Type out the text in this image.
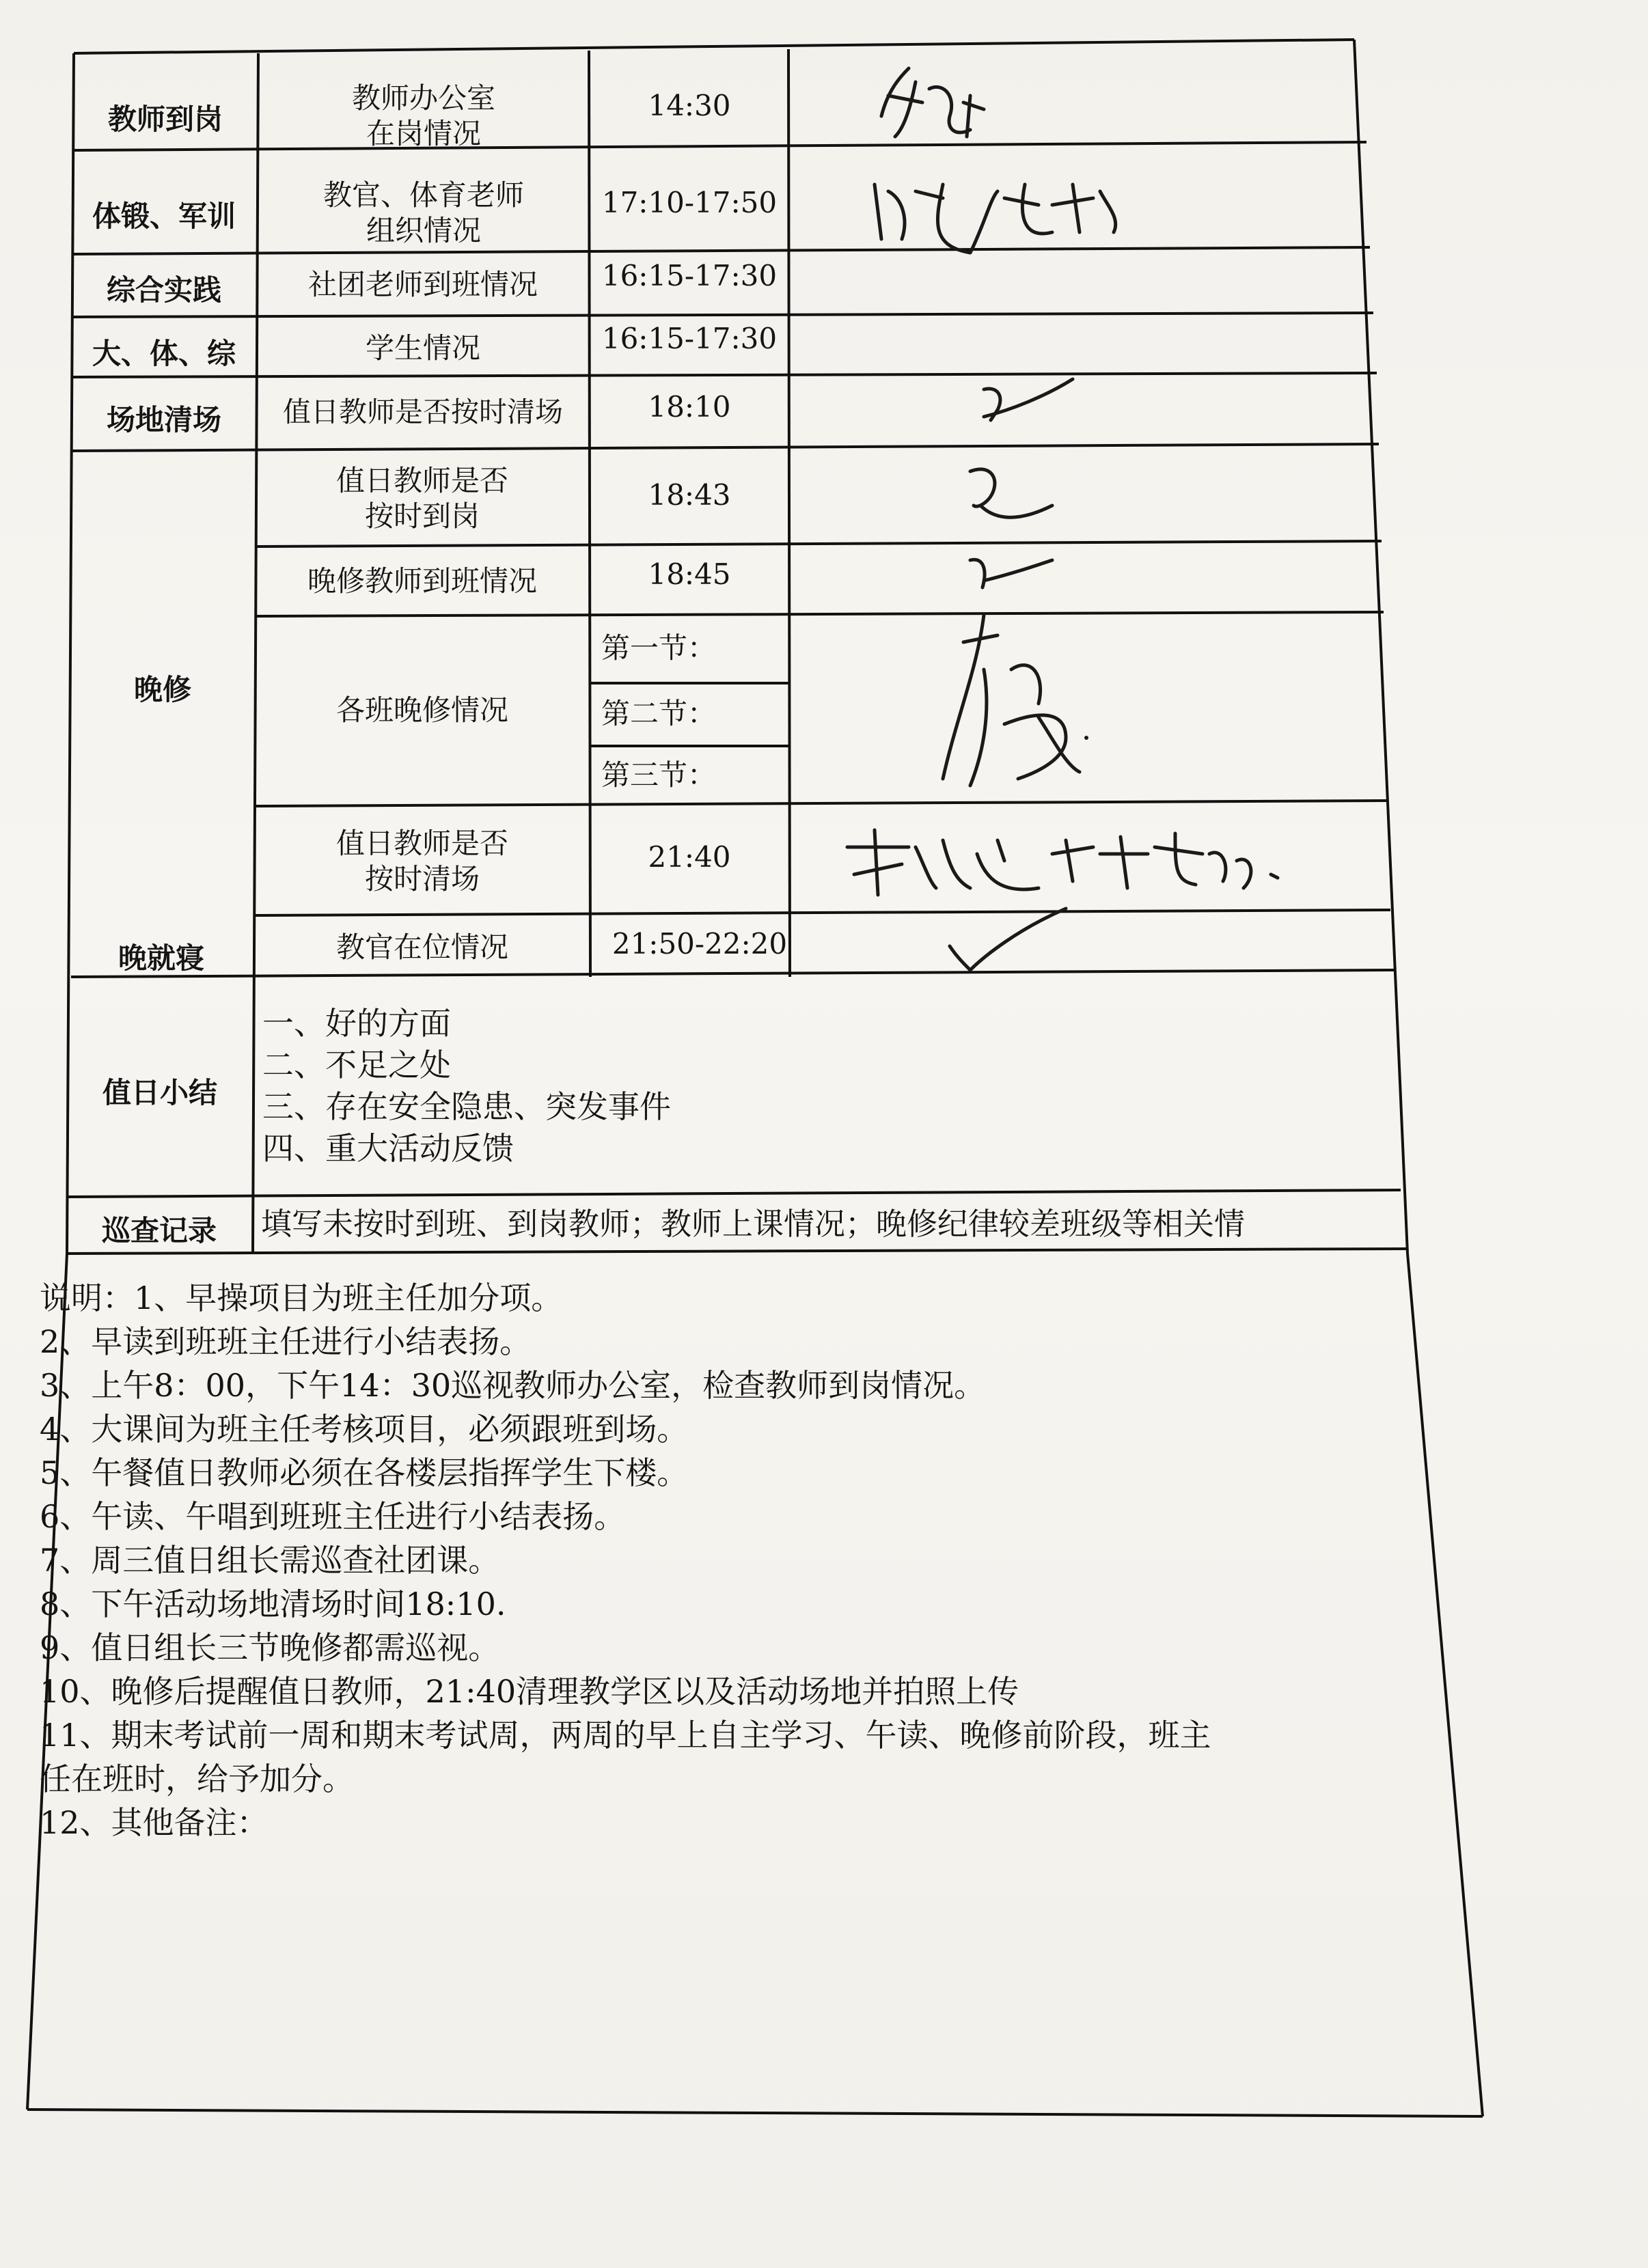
教师到岗
体锻、军训
综合实践
大、体、综
场地清场
晚修
晚就寝
值日小结
巡查记录
教师办公室
在岗情况
教官、体育老师
组织情况
社团老师到班情况
学生情况
值日教师是否按时清场
值日教师是否
按时到岗
晚修教师到班情况
各班晚修情况
值日教师是否
按时清场
教官在位情况
14:30
17:10-17:50
16:15-17:30
16:15-17:30
18:10
18:43
18:45
第一节：
第二节：
第三节：
21:40
21:50-22:20
一、好的方面
二、不足之处
三、存在安全隐患、突发事件
四、重大活动反馈
填写未按时到班、到岗教师；教师上课情况；晚修纪律较差班级等相关情
说明：1、早操项目为班主任加分项。
2、早读到班班主任进行小结表扬。
3、上午8：00，下午14：30巡视教师办公室，检查教师到岗情况。
4、大课间为班主任考核项目，必须跟班到场。
5、午餐值日教师必须在各楼层指挥学生下楼。
6、午读、午唱到班班主任进行小结表扬。
7、周三值日组长需巡查社团课。
8、下午活动场地清场时间18:10.
9、值日组长三节晚修都需巡视。
10、晚修后提醒值日教师，21:40清理教学区以及活动场地并拍照上传
11、期末考试前一周和期末考试周，两周的早上自主学习、午读、晚修前阶段，班主
任在班时，给予加分。
12、其他备注：
